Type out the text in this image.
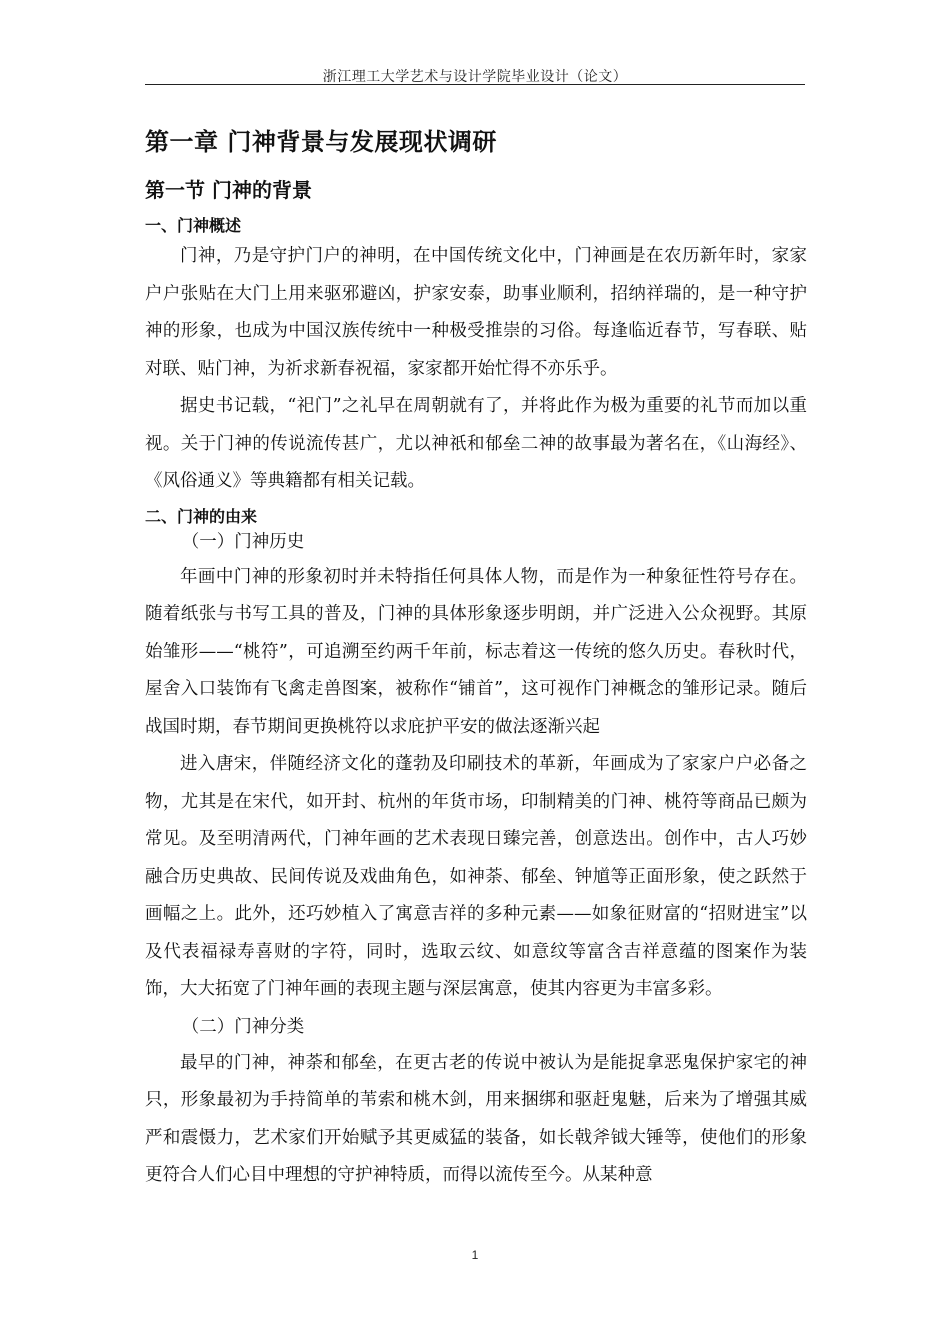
浙江理工大学艺术与设计学院毕业设计（论文）
第一章 门神背景与发展现状调研
第一节 门神的背景
一、门神概述

门神，乃是守护门户的神明，在中国传统文化中，门神画是在农历新年时，家家户户张贴在大门上用来驱邪避凶，护家安泰，助事业顺利，招纳祥瑞的，是一种守护神的形象，也成为中国汉族传统中一种极受推崇的习俗。每逢临近春节，写春联、贴对联、贴门神，为祈求新春祝福，家家都开始忙得不亦乐乎。

据史书记载，“祀门”之礼早在周朝就有了，并将此作为极为重要的礼节而加以重视。关于门神的传说流传甚广，尤以神祇和郁垒二神的故事最为著名在，《山海经》、《风俗通义》等典籍都有相关记载。

二、门神的由来

（一）门神历史

年画中门神的形象初时并未特指任何具体人物，而是作为一种象征性符号存在。随着纸张与书写工具的普及，门神的具体形象逐步明朗，并广泛进入公众视野。其原始雏形——“桃符”，可追溯至约两千年前，标志着这一传统的悠久历史。春秋时代，屋舍入口装饰有飞禽走兽图案，被称作“铺首”，这可视作门神概念的雏形记录。随后战国时期，春节期间更换桃符以求庇护平安的做法逐渐兴起

进入唐宋，伴随经济文化的蓬勃及印刷技术的革新，年画成为了家家户户必备之物，尤其是在宋代，如开封、杭州的年货市场，印制精美的门神、桃符等商品已颇为常见。及至明清两代，门神年画的艺术表现日臻完善，创意迭出。创作中，古人巧妙融合历史典故、民间传说及戏曲角色，如神荼、郁垒、钟馗等正面形象，使之跃然于画幅之上。此外，还巧妙植入了寓意吉祥的多种元素——如象征财富的“招财进宝”以及代表福禄寿喜财的字符，同时，选取云纹、如意纹等富含吉祥意蕴的图案作为装饰，大大拓宽了门神年画的表现主题与深层寓意，使其内容更为丰富多彩。

（二）门神分类

最早的门神，神荼和郁垒，在更古老的传说中被认为是能捉拿恶鬼保护家宅的神只，形象最初为手持简单的苇索和桃木剑，用来捆绑和驱赶鬼魅，后来为了增强其威严和震慑力，艺术家们开始赋予其更威猛的装备，如长戟斧钺大锤等，使他们的形象更符合人们心目中理想的守护神特质，而得以流传至今。从某种意

1
